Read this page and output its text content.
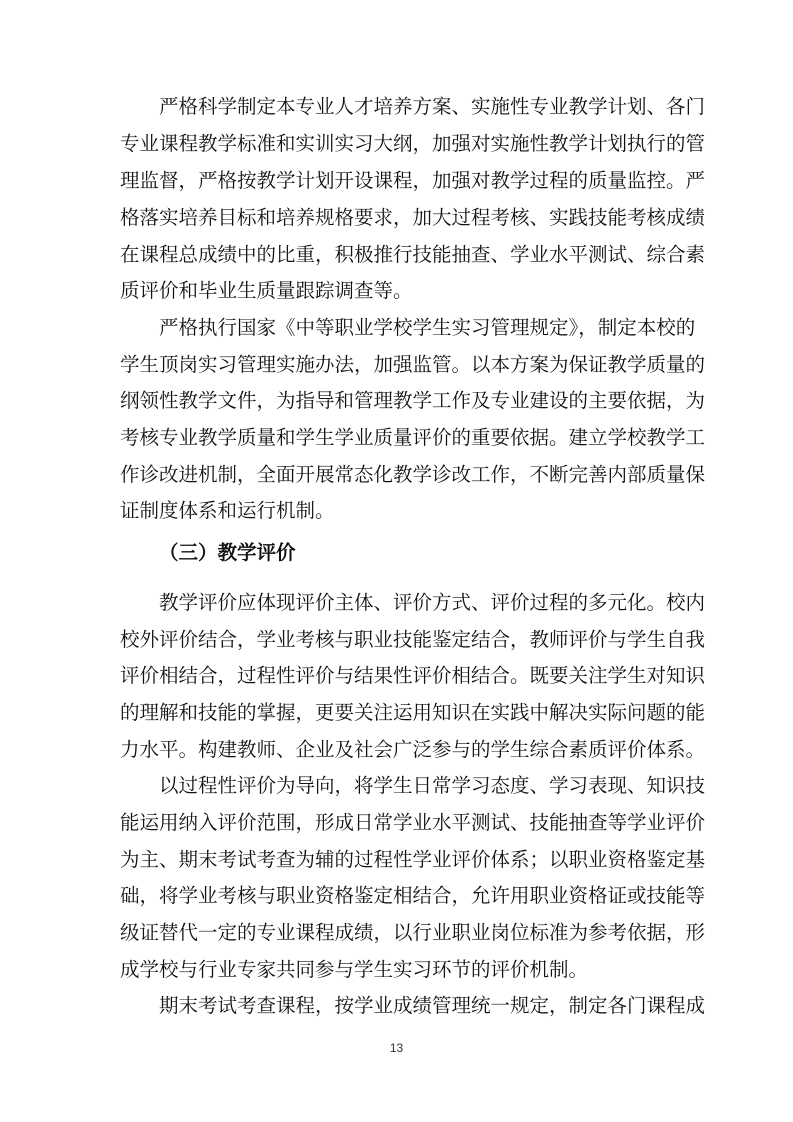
严格科学制定本专业人才培养方案、实施性专业教学计划、各门
专业课程教学标准和实训实习大纲，加强对实施性教学计划执行的管
理监督，严格按教学计划开设课程，加强对教学过程的质量监控。严
格落实培养目标和培养规格要求，加大过程考核、实践技能考核成绩
在课程总成绩中的比重，积极推行技能抽查、学业水平测试、综合素
质评价和毕业生质量跟踪调查等。
严格执行国家《中等职业学校学生实习管理规定》，制定本校的
学生顶岗实习管理实施办法，加强监管。以本方案为保证教学质量的
纲领性教学文件，为指导和管理教学工作及专业建设的主要依据，为
考核专业教学质量和学生学业质量评价的重要依据。建立学校教学工
作诊改进机制，全面开展常态化教学诊改工作，不断完善内部质量保
证制度体系和运行机制。
（三）教学评价
教学评价应体现评价主体、评价方式、评价过程的多元化。校内
校外评价结合，学业考核与职业技能鉴定结合，教师评价与学生自我
评价相结合，过程性评价与结果性评价相结合。既要关注学生对知识
的理解和技能的掌握，更要关注运用知识在实践中解决实际问题的能
力水平。构建教师、企业及社会广泛参与的学生综合素质评价体系。
以过程性评价为导向，将学生日常学习态度、学习表现、知识技
能运用纳入评价范围，形成日常学业水平测试、技能抽查等学业评价
为主、期末考试考查为辅的过程性学业评价体系；以职业资格鉴定基
础，将学业考核与职业资格鉴定相结合，允许用职业资格证或技能等
级证替代一定的专业课程成绩，以行业职业岗位标准为参考依据，形
成学校与行业专家共同参与学生实习环节的评价机制。
期末考试考查课程，按学业成绩管理统一规定，制定各门课程成
13
